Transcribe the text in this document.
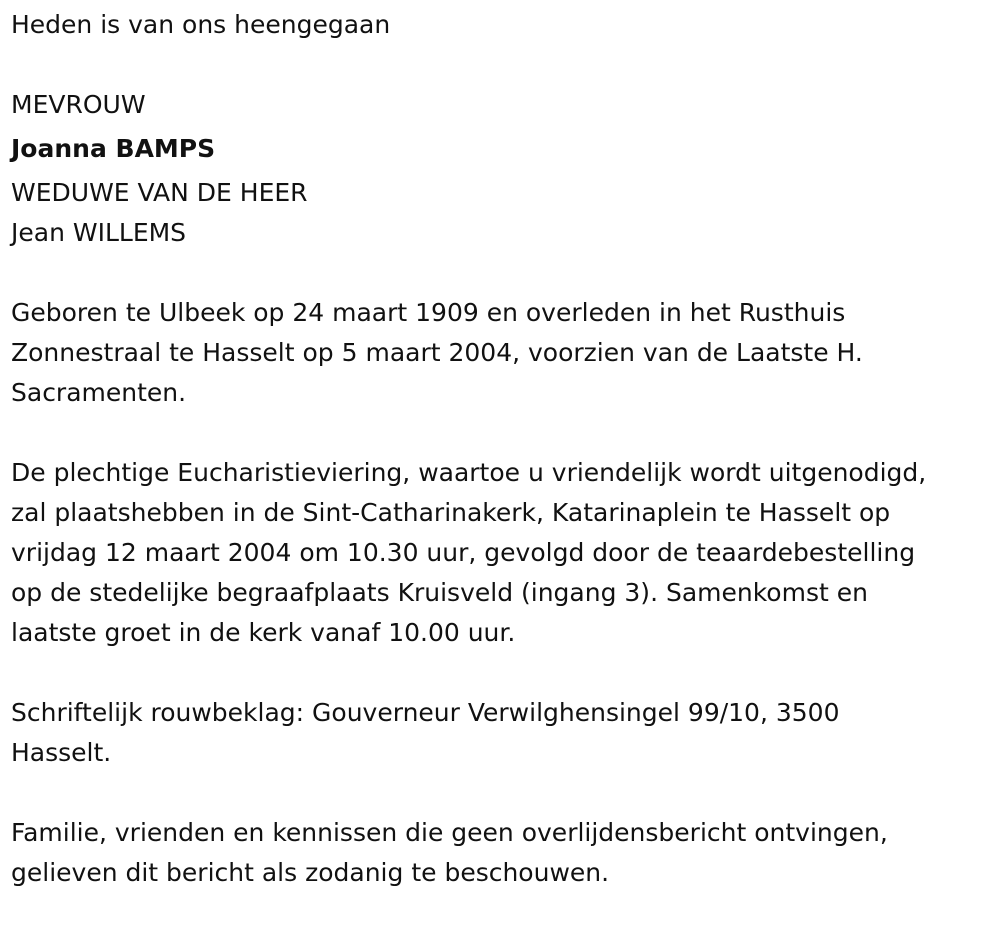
Heden is van ons heengegaan
MEVROUW
Joanna BAMPS
WEDUWE VAN DE HEER
Jean WILLEMS
Geboren te Ulbeek op 24 maart 1909 en overleden in het Rusthuis
Zonnestraal te Hasselt op 5 maart 2004, voorzien van de Laatste H.
Sacramenten.
De plechtige Eucharistieviering, waartoe u vriendelijk wordt uitgenodigd,
zal plaatshebben in de Sint-Catharinakerk, Katarinaplein te Hasselt op
vrijdag 12 maart 2004 om 10.30 uur, gevolgd door de teaardebestelling
op de stedelijke begraafplaats Kruisveld (ingang 3). Samenkomst en
laatste groet in de kerk vanaf 10.00 uur.
Schriftelijk rouwbeklag: Gouverneur Verwilghensingel 99/10, 3500
Hasselt.
Familie, vrienden en kennissen die geen overlijdensbericht ontvingen,
gelieven dit bericht als zodanig te beschouwen.
